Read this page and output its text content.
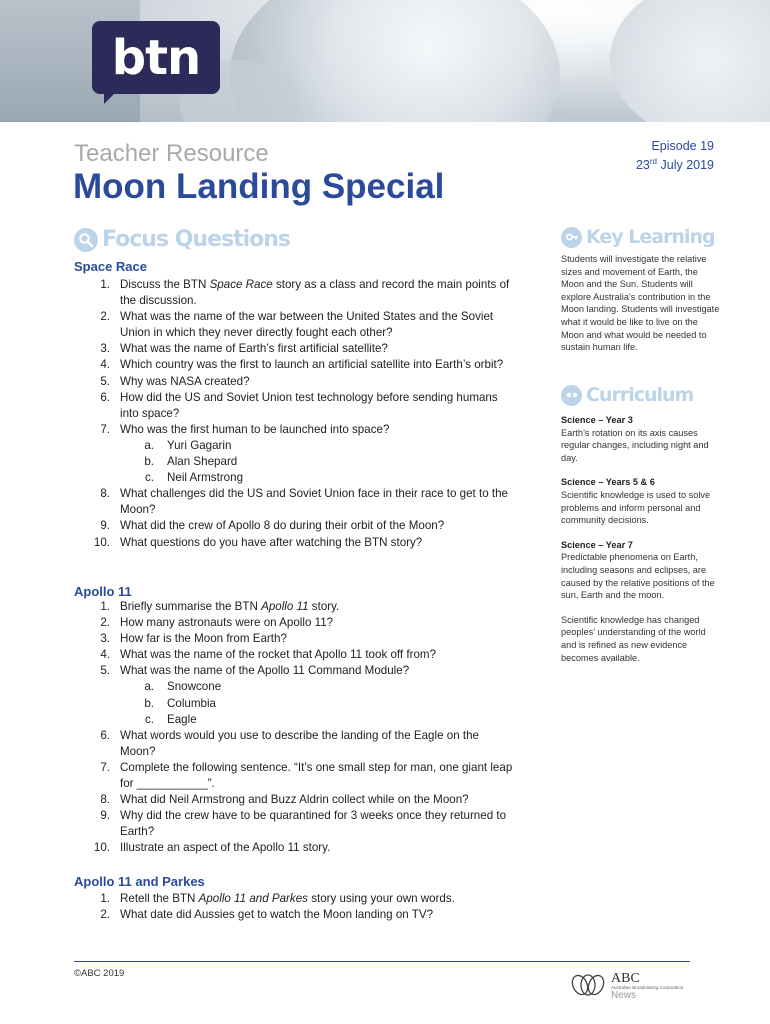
btn
Teacher Resource	Episode 19
23rd July 2019
Moon Landing Special
Focus Questions
Space Race
1. Discuss the BTN Space Race story as a class and record the main points of the discussion.
2. What was the name of the war between the United States and the Soviet Union in which they never directly fought each other?
3. What was the name of Earth’s first artificial satellite?
4. Which country was the first to launch an artificial satellite into Earth’s orbit?
5. Why was NASA created?
6. How did the US and Soviet Union test technology before sending humans into space?
7. Who was the first human to be launched into space?
a. Yuri Gagarin
b. Alan Shepard
c. Neil Armstrong
8. What challenges did the US and Soviet Union face in their race to get to the Moon?
9. What did the crew of Apollo 8 do during their orbit of the Moon?
10. What questions do you have after watching the BTN story?
Apollo 11
1. Briefly summarise the BTN Apollo 11 story.
2. How many astronauts were on Apollo 11?
3. How far is the Moon from Earth?
4. What was the name of the rocket that Apollo 11 took off from?
5. What was the name of the Apollo 11 Command Module?
a. Snowcone
b. Columbia
c. Eagle
6. What words would you use to describe the landing of the Eagle on the Moon?
7. Complete the following sentence. “It’s one small step for man, one giant leap for ___________”.
8. What did Neil Armstrong and Buzz Aldrin collect while on the Moon?
9. Why did the crew have to be quarantined for 3 weeks once they returned to Earth?
10. Illustrate an aspect of the Apollo 11 story.
Apollo 11 and Parkes
1. Retell the BTN Apollo 11 and Parkes story using your own words.
2. What date did Aussies get to watch the Moon landing on TV?
Key Learning

Students will investigate the relative sizes and movement of Earth, the Moon and the Sun. Students will explore Australia’s contribution in the Moon landing. Students will investigate what it would be like to live on the Moon and what would be needed to sustain human life.

Curriculum

Science – Year 3
Earth’s rotation on its axis causes regular changes, including night and day.

Science – Years 5 & 6
Scientific knowledge is used to solve problems and inform personal and community decisions.

Science – Year 7
Predictable phenomena on Earth, including seasons and eclipses, are caused by the relative positions of the sun, Earth and the moon.

Scientific knowledge has changed peoples’ understanding of the world and is refined as new evidence becomes available.

©ABC 2019	ABC
Australian Broadcasting Corporation
News
